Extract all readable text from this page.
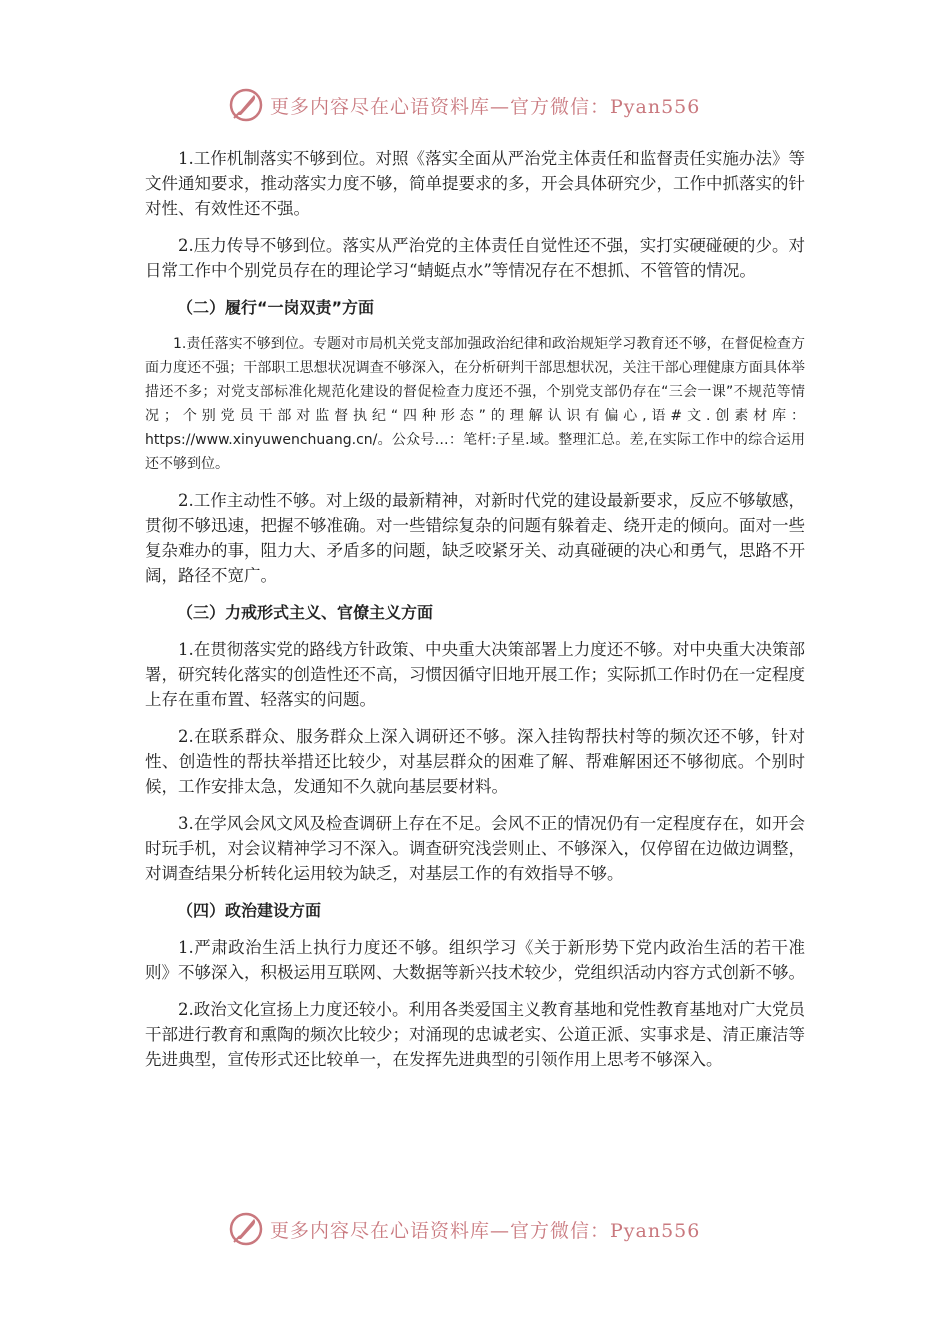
更多内容尽在心语资料库—官方微信：Pyan556

1.工作机制落实不够到位。对照《落实全面从严治党主体责任和监督责任实施办法》等文件通知要求，推动落实力度不够，简单提要求的多，开会具体研究少，工作中抓落实的针对性、有效性还不强。

2.压力传导不够到位。落实从严治党的主体责任自觉性还不强，实打实硬碰硬的少。对日常工作中个别党员存在的理论学习“蜻蜓点水”等情况存在不想抓、不管管的情况。

（二）履行“一岗双责”方面

1.责任落实不够到位。专题对市局机关党支部加强政治纪律和政治规矩学习教育还不够，在督促检查方面力度还不强；干部职工思想状况调查不够深入，在分析研判干部思想状况，关注干部心理健康方面具体举措还不多；对党支部标准化规范化建设的督促检查力度还不强，个别党支部仍存在“三会一课”不规范等情况；个别党员干部对监督执纪“四种形态”的理解认识有偏心,语#文.创素材库：https://www.xinyuwenchuang.cn/。公众号…：笔杆:子星.域。整理汇总。差,在实际工作中的综合运用还不够到位。

2.工作主动性不够。对上级的最新精神，对新时代党的建设最新要求，反应不够敏感，贯彻不够迅速，把握不够准确。对一些错综复杂的问题有躲着走、绕开走的倾向。面对一些复杂难办的事，阻力大、矛盾多的问题，缺乏咬紧牙关、动真碰硬的决心和勇气，思路不开阔，路径不宽广。

（三）力戒形式主义、官僚主义方面

1.在贯彻落实党的路线方针政策、中央重大决策部署上力度还不够。对中央重大决策部署，研究转化落实的创造性还不高，习惯因循守旧地开展工作；实际抓工作时仍在一定程度上存在重布置、轻落实的问题。

2.在联系群众、服务群众上深入调研还不够。深入挂钩帮扶村等的频次还不够，针对性、创造性的帮扶举措还比较少，对基层群众的困难了解、帮难解困还不够彻底。个别时候，工作安排太急，发通知不久就向基层要材料。

3.在学风会风文风及检查调研上存在不足。会风不正的情况仍有一定程度存在，如开会时玩手机，对会议精神学习不深入。调查研究浅尝则止、不够深入，仅停留在边做边调整，对调查结果分析转化运用较为缺乏，对基层工作的有效指导不够。

（四）政治建设方面

1.严肃政治生活上执行力度还不够。组织学习《关于新形势下党内政治生活的若干准则》不够深入，积极运用互联网、大数据等新兴技术较少，党组织活动内容方式创新不够。

2.政治文化宣扬上力度还较小。利用各类爱国主义教育基地和党性教育基地对广大党员干部进行教育和熏陶的频次比较少；对涌现的忠诚老实、公道正派、实事求是、清正廉洁等先进典型，宣传形式还比较单一，在发挥先进典型的引领作用上思考不够深入。

更多内容尽在心语资料库—官方微信：Pyan556
